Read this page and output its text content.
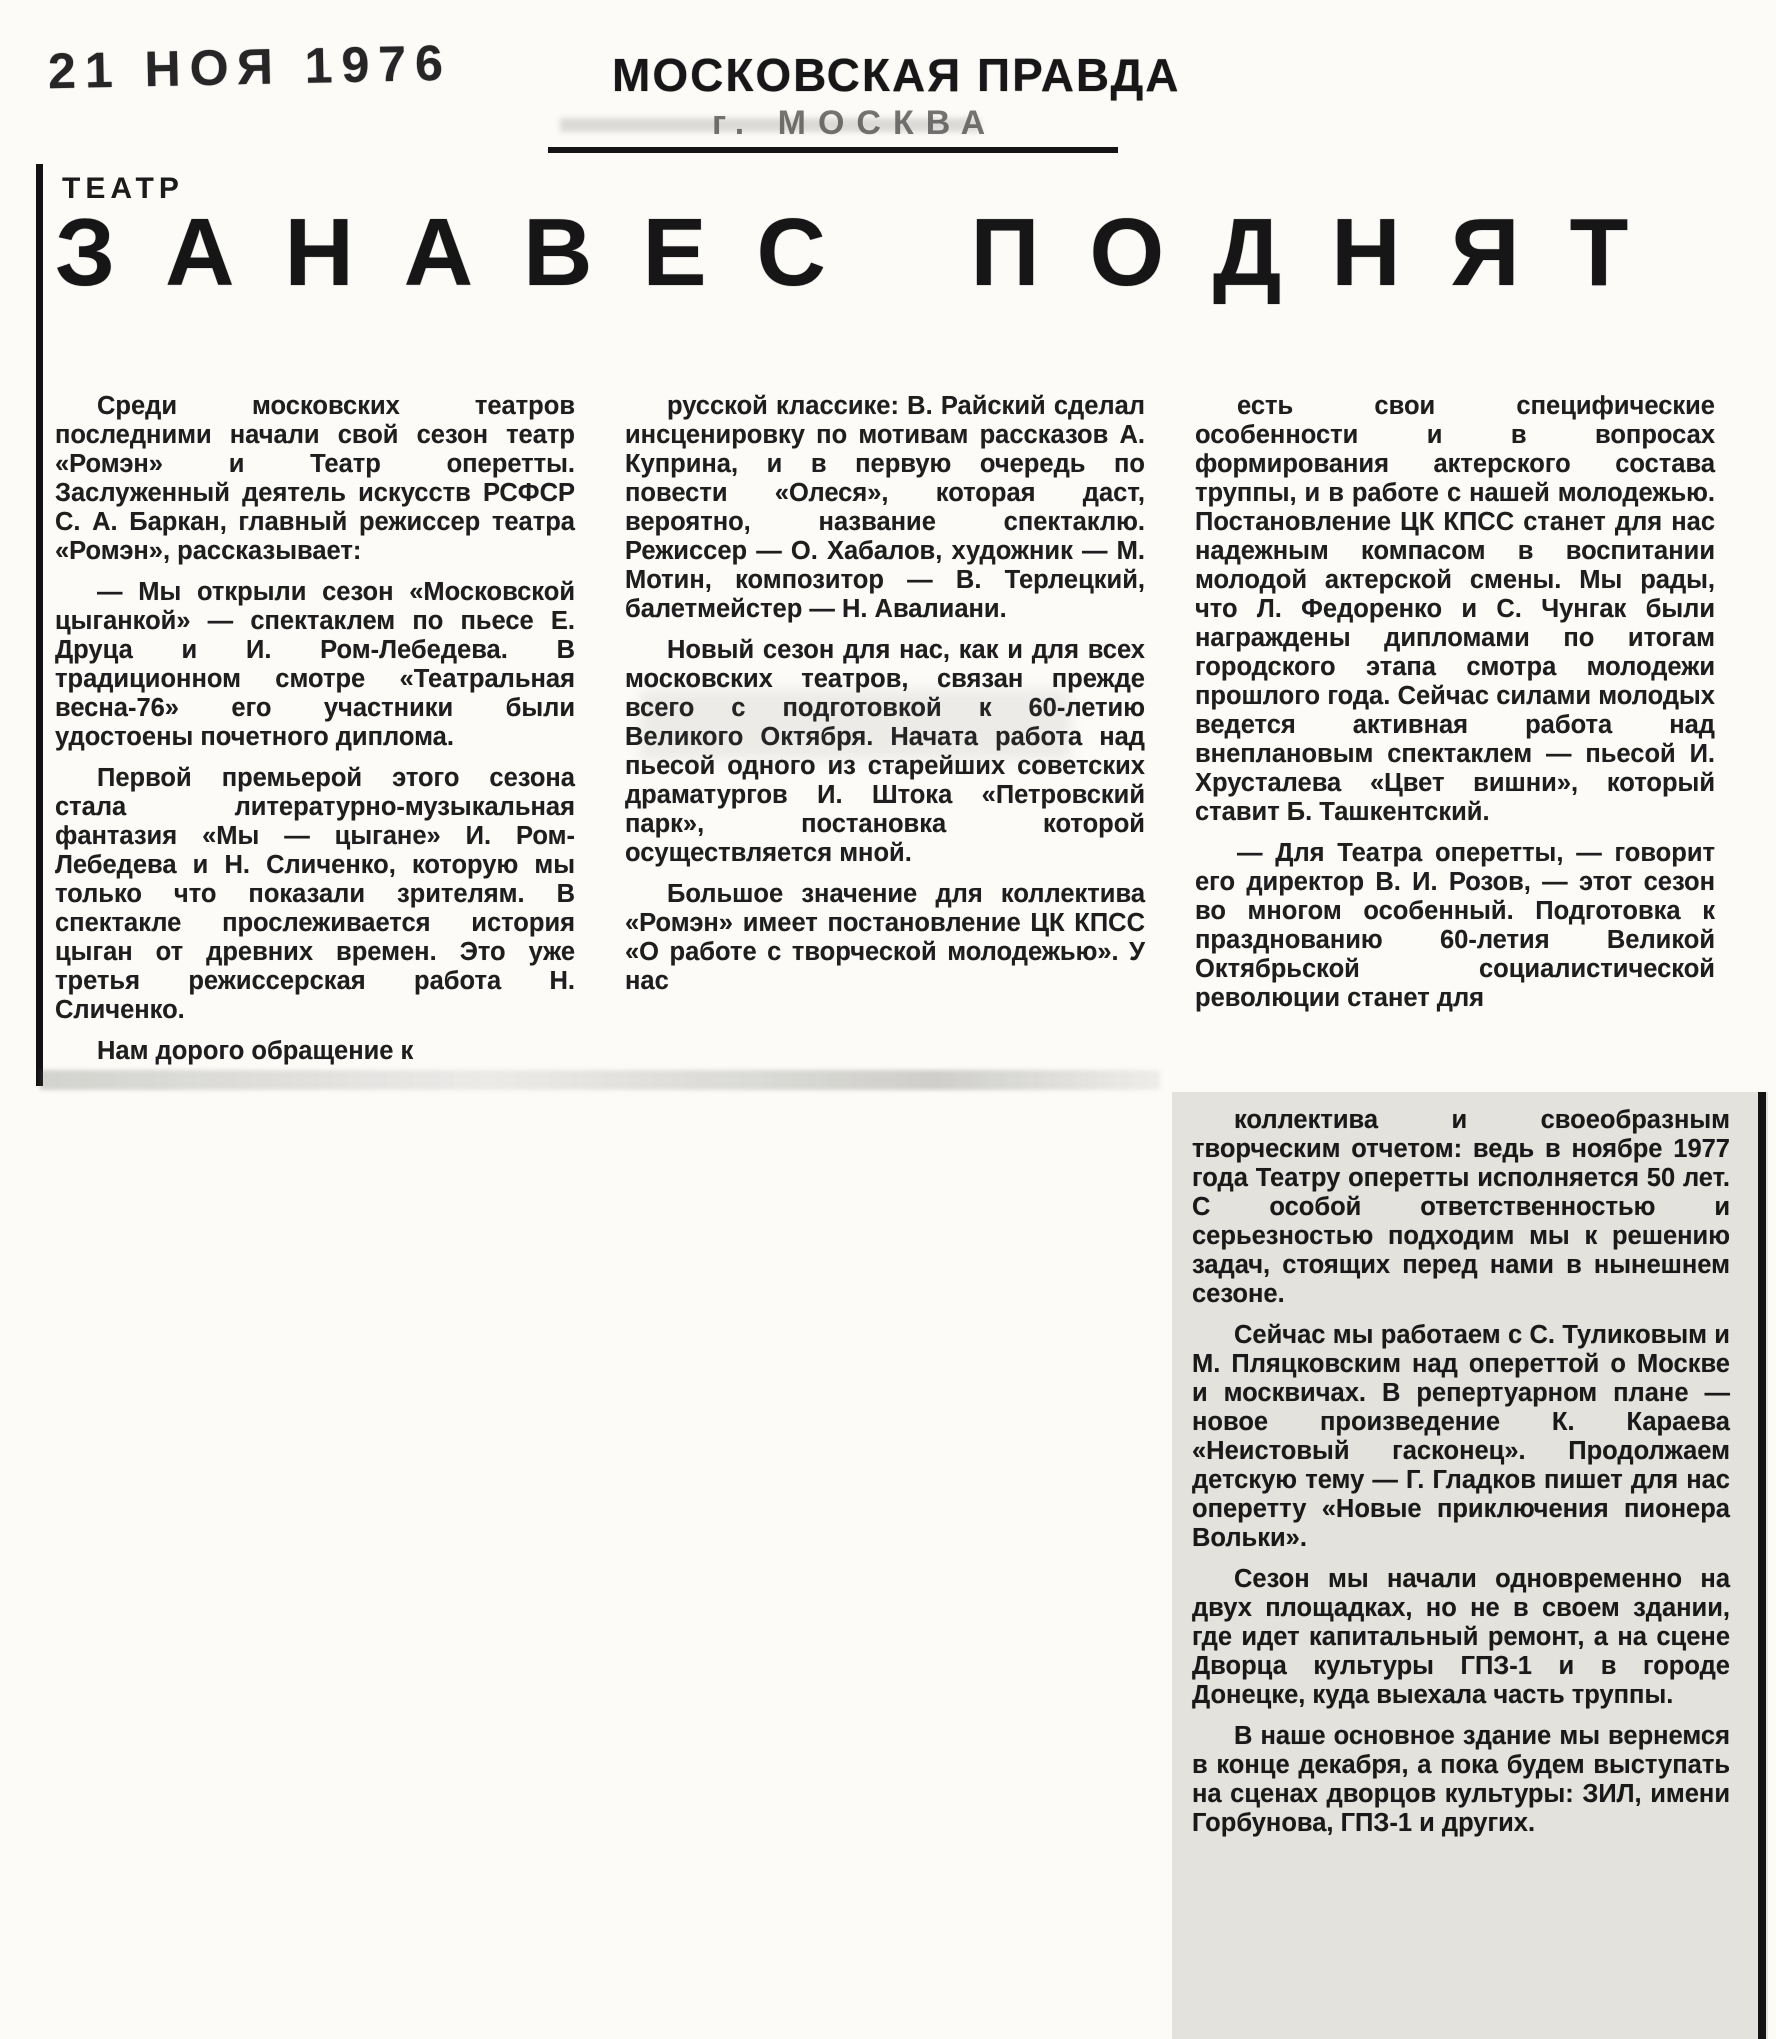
21 НОЯ 1976	МОСКОВСКАЯ ПРАВДА
г. МОСКВА
ТЕАТР
ЗАНАВЕС ПОДНЯТ

Среди московских театров последними начали свой сезон театр «Ромэн» и Театр оперетты. Заслуженный деятель искусств РСФСР С. А. Баркан, главный режиссер театра «Ромэн», рассказывает:

— Мы открыли сезон «Московской цыганкой» — спектаклем по пьесе Е. Друца и И. Ром-Лебедева. В традиционном смотре «Театральная весна-76» его участники были удостоены почетного диплома.

Первой премьерой этого сезона стала литературно-музыкальная фантазия «Мы — цыгане» И. Ром-Лебедева и Н. Сличенко, которую мы только что показали зрителям. В спектакле прослеживается история цыган от древних времен. Это уже третья режиссерская работа Н. Сличенко.

Нам дорого обращение к

русской классике: В. Райский сделал инсценировку по мотивам рассказов А. Куприна, и в первую очередь по повести «Олеся», которая даст, вероятно, название спектаклю. Режиссер — О. Хабалов, художник — М. Мотин, композитор — В. Терлецкий, балетмейстер — Н. Авалиани.

Новый сезон для нас, как и для всех московских театров, связан прежде всего с подготовкой к 60-летию Великого Октября. Начата работа над пьесой одного из старейших советских драматургов И. Штока «Петровский парк», постановка которой осуществляется мной.

Большое значение для коллектива «Ромэн» имеет постановление ЦК КПСС «О работе с творческой молодежью». У нас

есть свои специфические особенности и в вопросах формирования актерского состава труппы, и в работе с нашей молодежью. Постановление ЦК КПСС станет для нас надежным компасом в воспитании молодой актерской смены. Мы рады, что Л. Федоренко и С. Чунгак были награждены дипломами по итогам городского этапа смотра молодежи прошлого года. Сейчас силами молодых ведется активная работа над внеплановым спектаклем — пьесой И. Хрусталева «Цвет вишни», который ставит Б. Ташкентский.

— Для Театра оперетты, — говорит его директор В. И. Розов, — этот сезон во многом особенный. Подготовка к празднованию 60-летия Великой Октябрьской социалистической революции станет для

коллектива и своеобразным творческим отчетом: ведь в ноябре 1977 года Театру оперетты исполняется 50 лет. С особой ответственностью и серьезностью подходим мы к решению задач, стоящих перед нами в нынешнем сезоне.

Сейчас мы работаем с С. Туликовым и М. Пляцковским над опереттой о Москве и москвичах. В репертуарном плане — новое произведение К. Караева «Неистовый гасконец». Продолжаем детскую тему — Г. Гладков пишет для нас оперетту «Новые приключения пионера Вольки».

Сезон мы начали одновременно на двух площадках, но не в своем здании, где идет капитальный ремонт, а на сцене Дворца культуры ГПЗ-1 и в городе Донецке, куда выехала часть труппы.

В наше основное здание мы вернемся в конце декабря, а пока будем выступать на сценах дворцов культуры: ЗИЛ, имени Горбунова, ГПЗ-1 и других.
